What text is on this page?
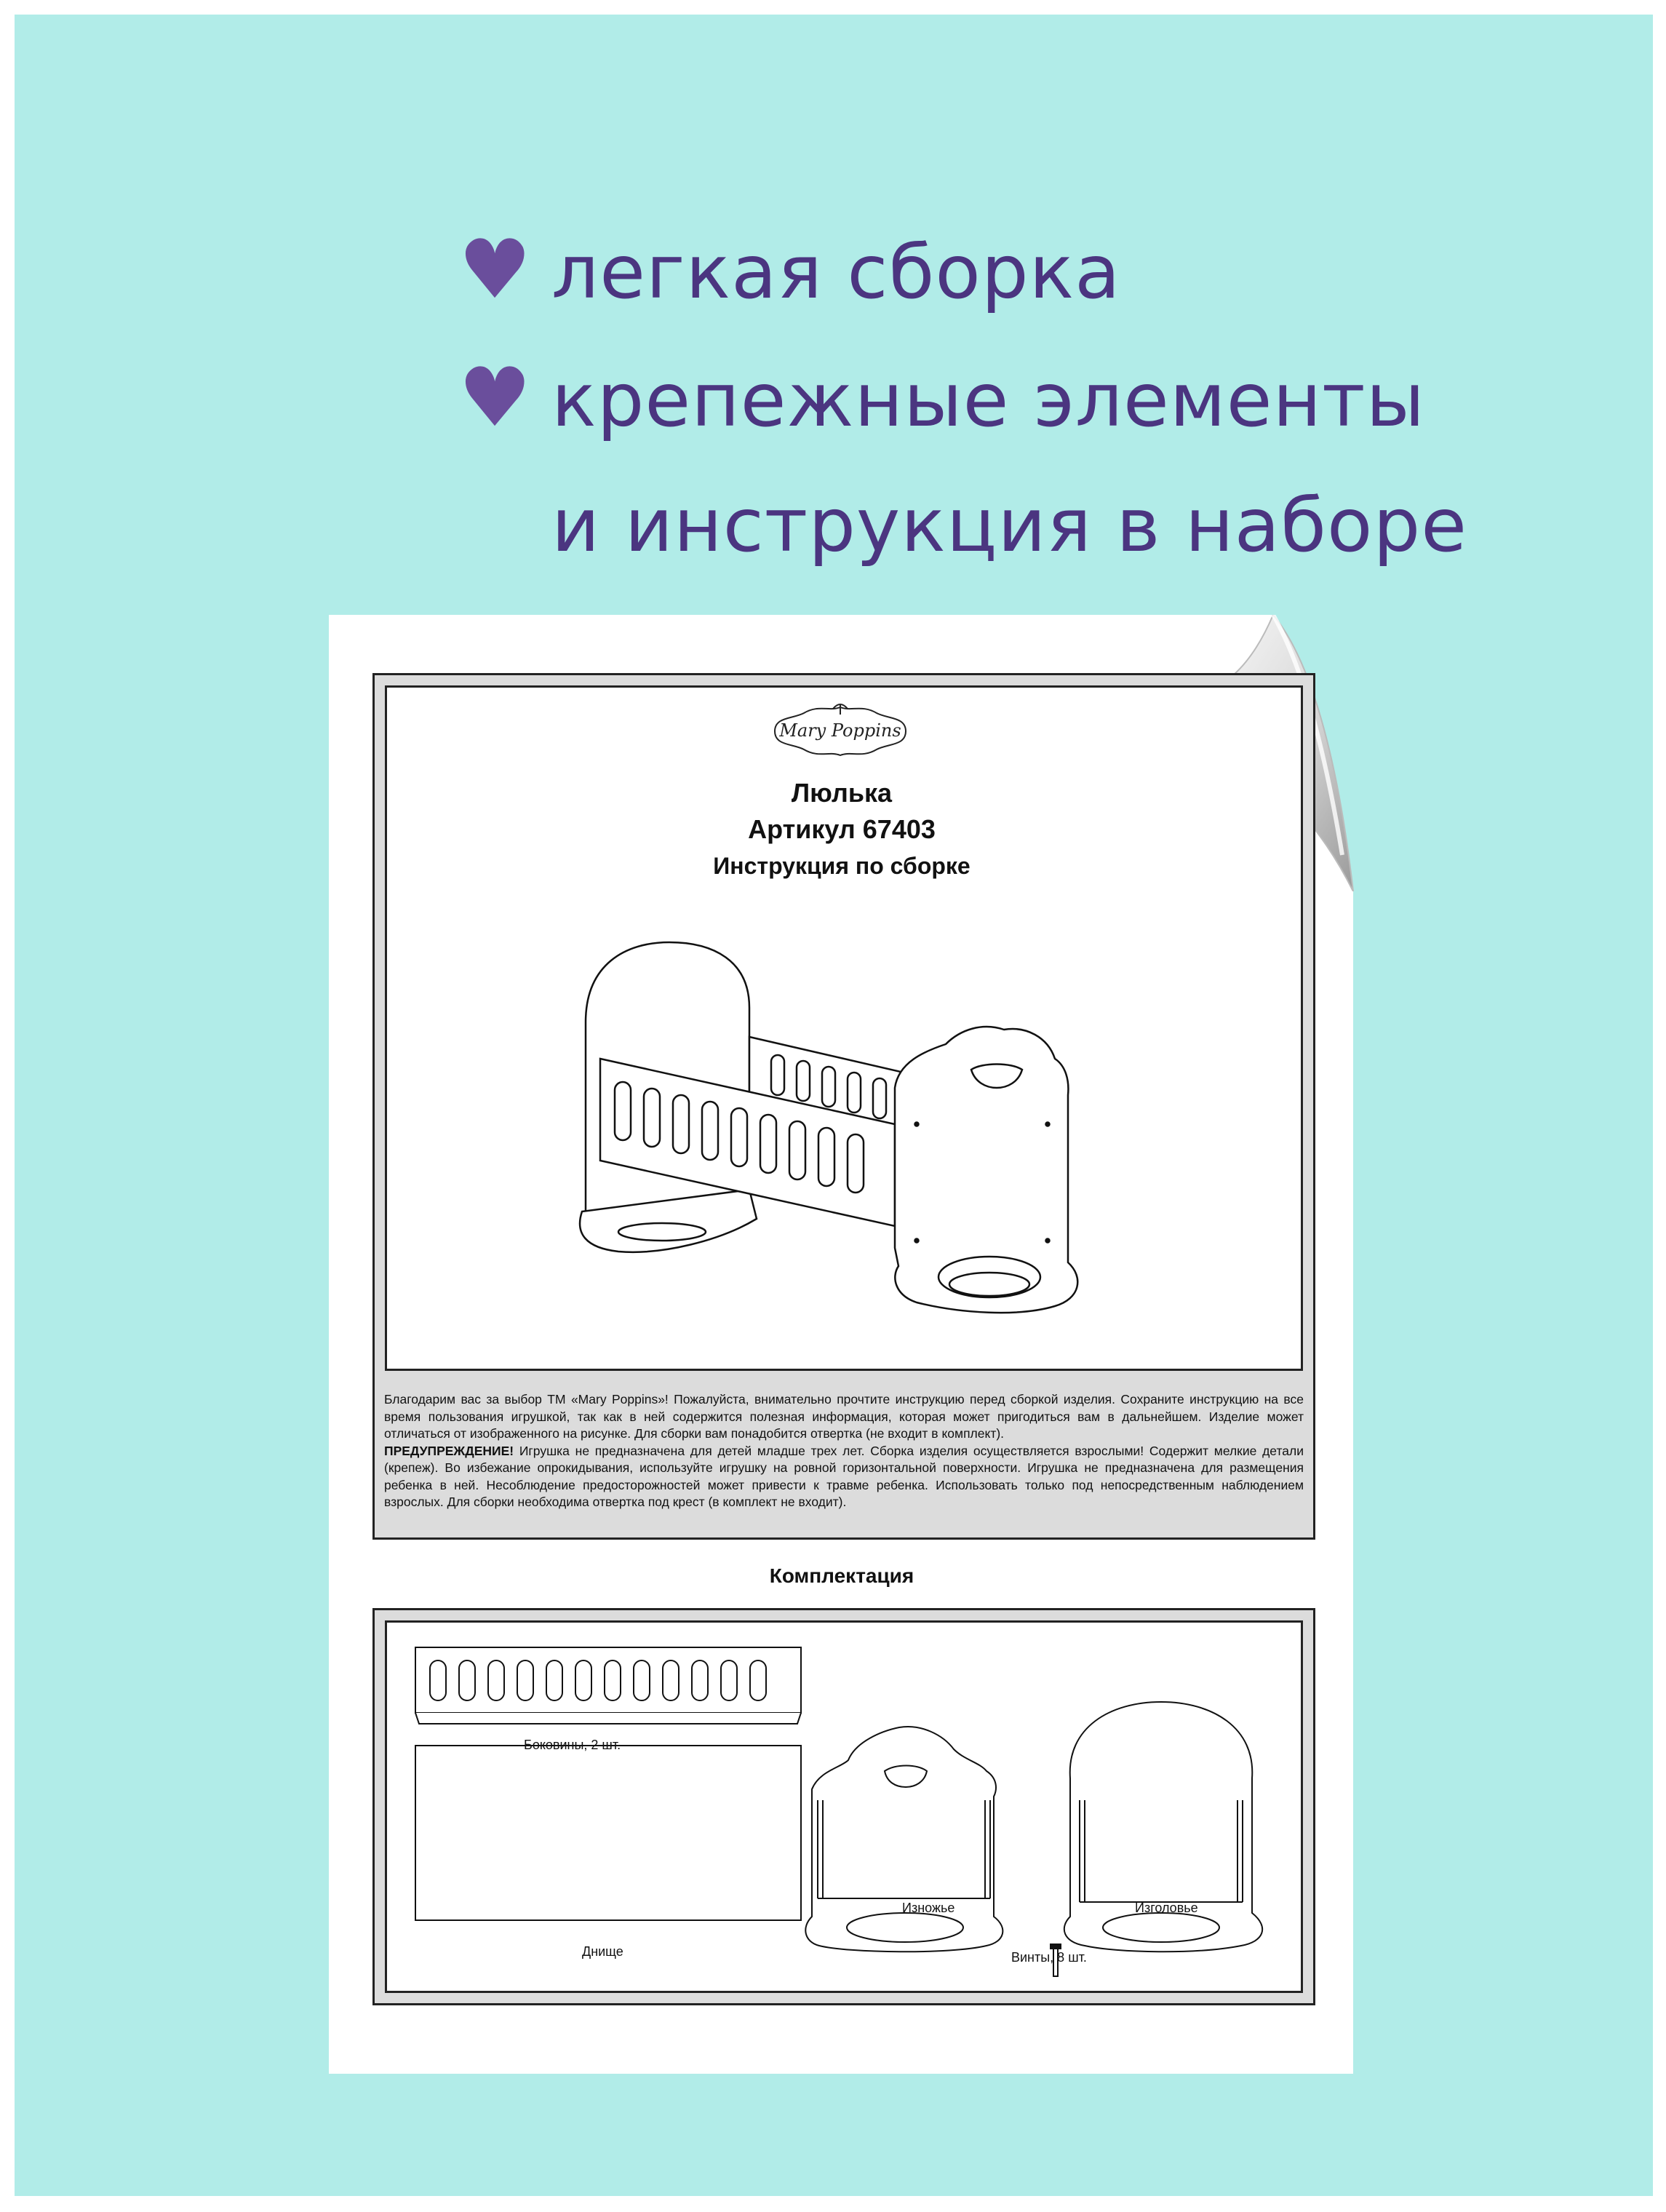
♥ легкая сборка
♥ крепежные элементы
и инструкция в наборе
Mary Poppins
Люлька
Артикул 67403
Инструкция по сборке

Благодарим вас за выбор ТМ «Mary Poppins»! Пожалуйста, внимательно прочтите инструкцию перед сборкой изделия. Сохраните инструкцию на все время пользования игрушкой, так как в ней содержится полезная информация, которая может пригодиться вам в дальнейшем. Изделие может отличаться от изображенного на рисунке. Для сборки вам понадобится отвертка (не входит в комплект).

ПРЕДУПРЕЖДЕНИЕ! Игрушка не предназначена для детей младше трех лет. Сборка изделия осуществляется взрослыми! Содержит мелкие детали (крепеж). Во избежание опрокидывания, используйте игрушку на ровной горизонтальной поверхности. Игрушка не предназначена для размещения ребенка в ней. Несоблюдение предосторожностей может привести к травме ребенка. Использовать только под непосредственным наблюдением взрослых. Для сборки необходима отвертка под крест (в комплект не входит).

Комплектация
Боковины, 2 шт.
Днище
Изножье	Изголовье
Винты, 8 шт.
